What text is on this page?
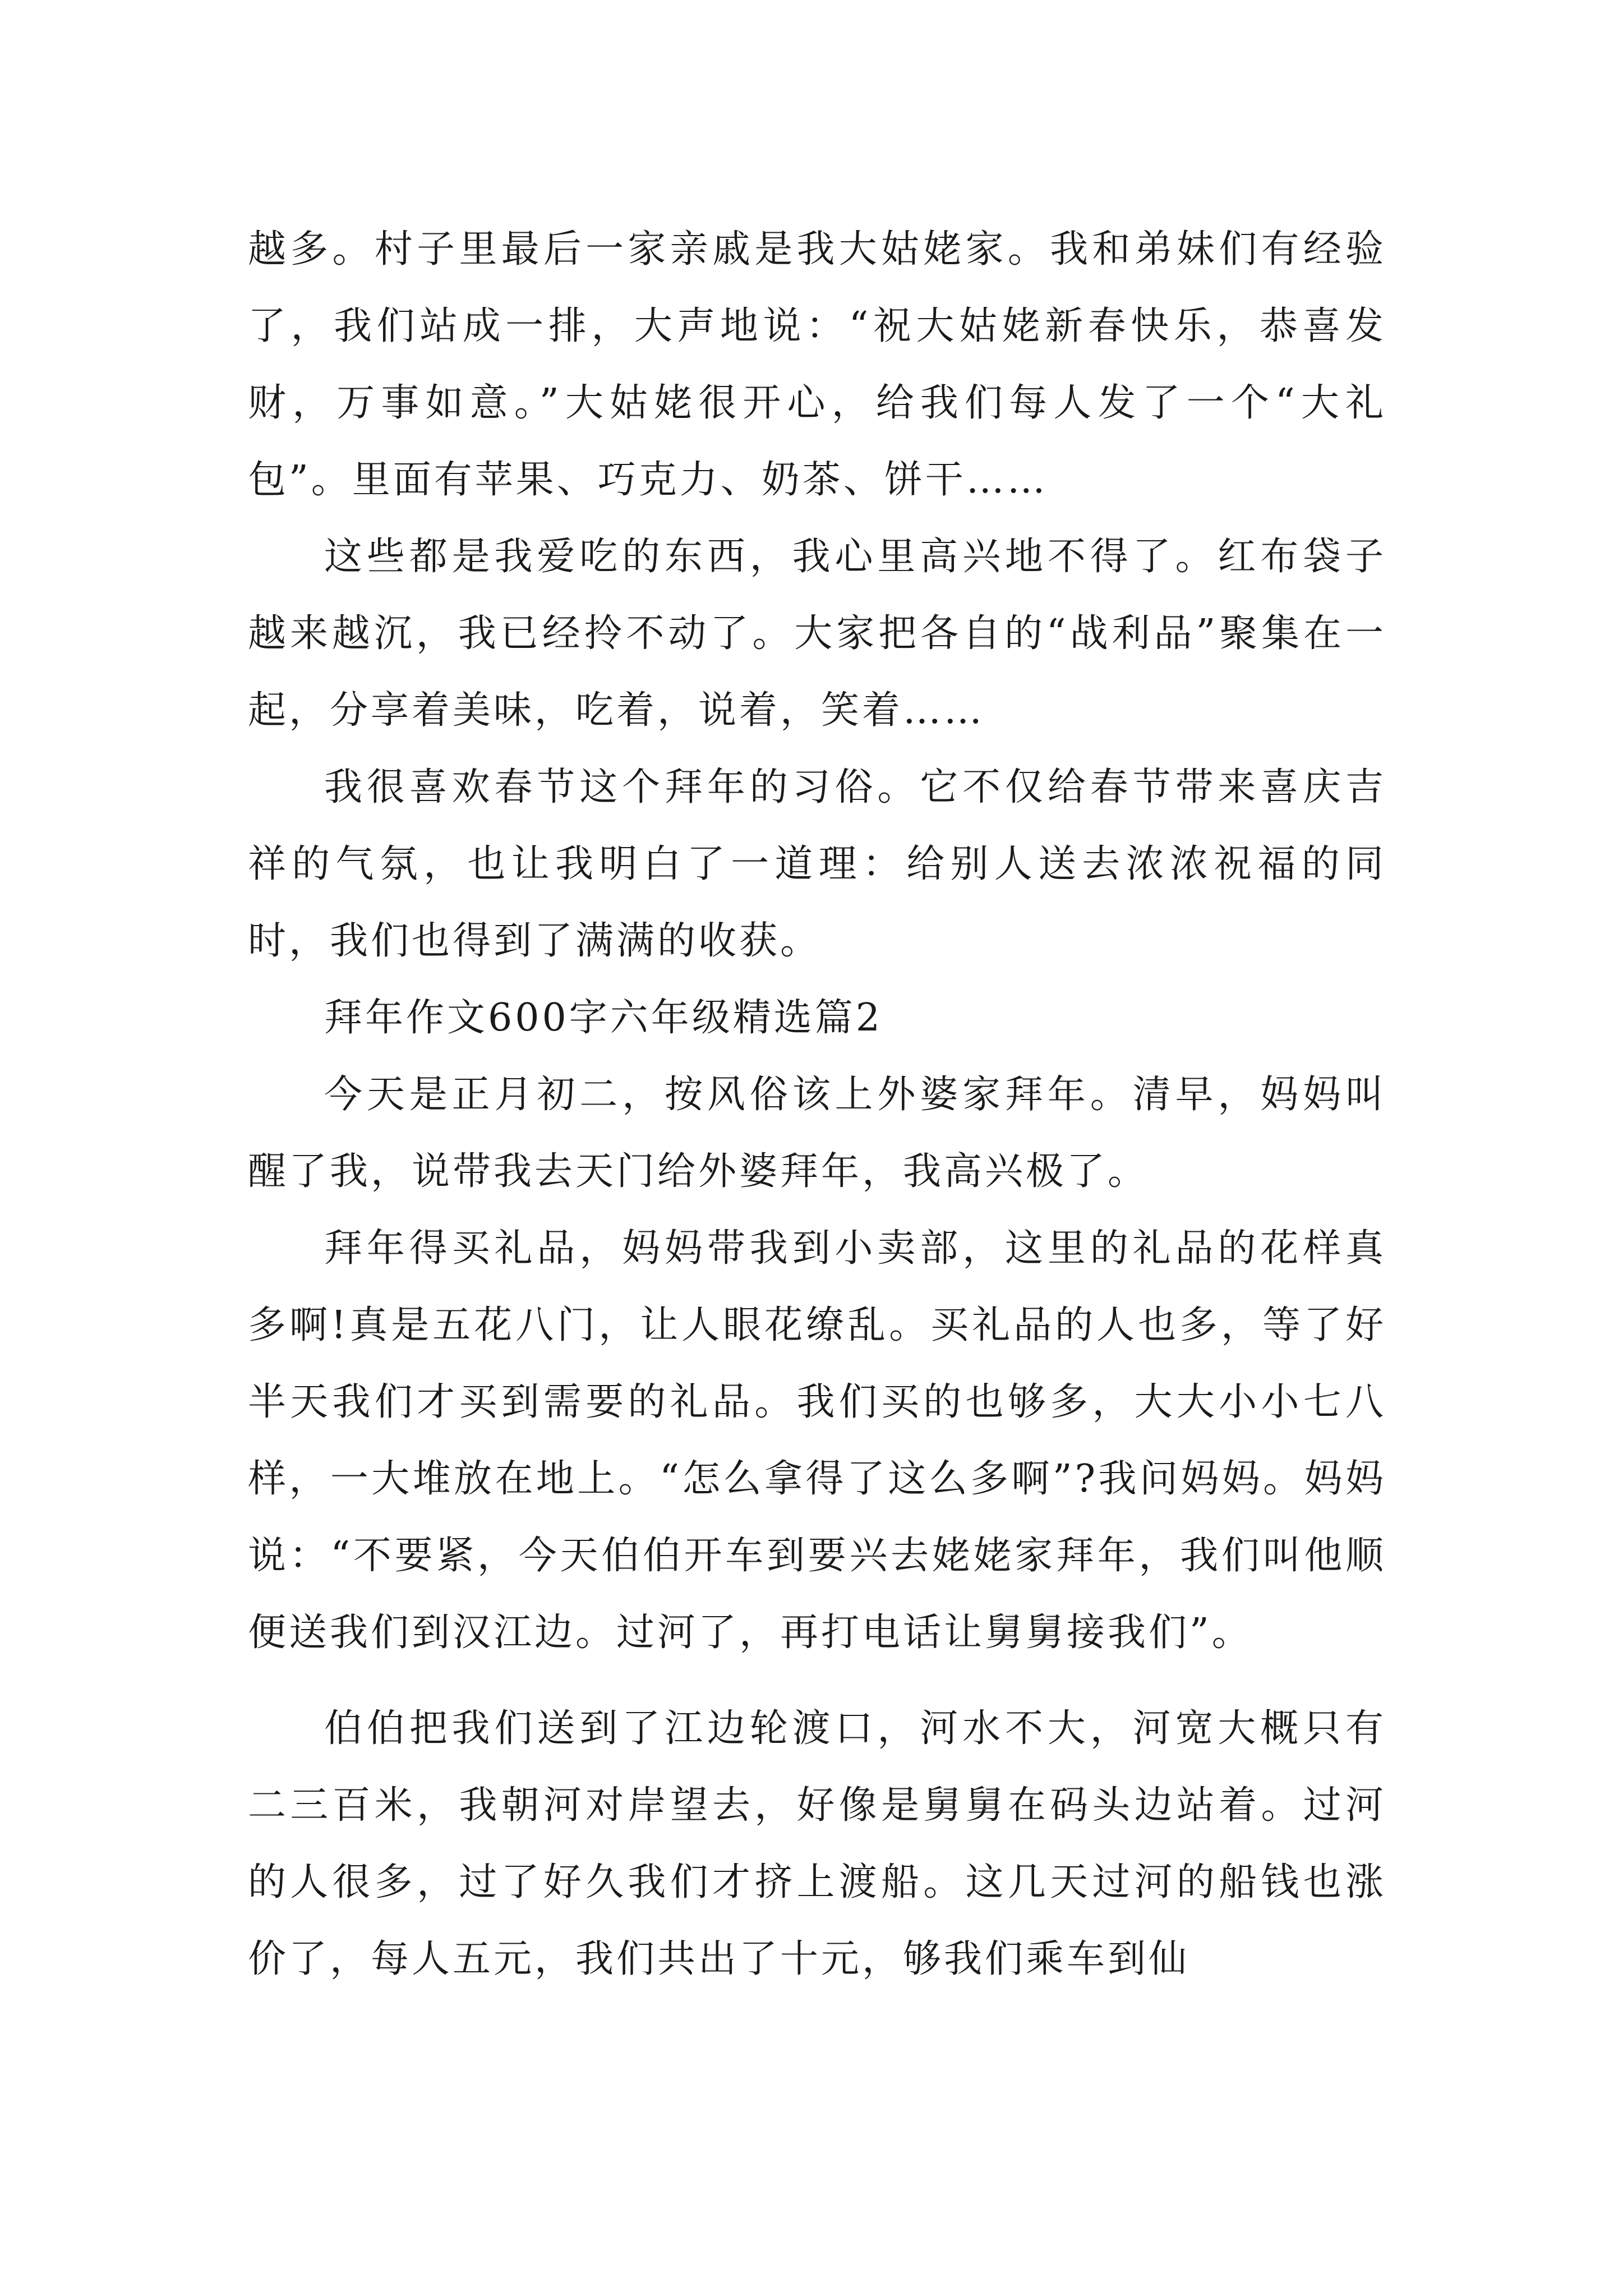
越多。村子里最后一家亲戚是我大姑姥家。我和弟妹们有经验了，我们站成一排，大声地说：“祝大姑姥新春快乐，恭喜发财，万事如意。”大姑姥很开心，给我们每人发了一个“大礼包”。里面有苹果、巧克力、奶茶、饼干……

这些都是我爱吃的东西，我心里高兴地不得了。红布袋子越来越沉，我已经拎不动了。大家把各自的“战利品”聚集在一起，分享着美味，吃着，说着，笑着……

我很喜欢春节这个拜年的习俗。它不仅给春节带来喜庆吉祥的气氛，也让我明白了一道理：给别人送去浓浓祝福的同时，我们也得到了满满的收获。

拜年作文600字六年级精选篇2

今天是正月初二，按风俗该上外婆家拜年。清早，妈妈叫醒了我，说带我去天门给外婆拜年，我高兴极了。

拜年得买礼品，妈妈带我到小卖部，这里的礼品的花样真多啊!真是五花八门，让人眼花缭乱。买礼品的人也多，等了好半天我们才买到需要的礼品。我们买的也够多，大大小小七八样，一大堆放在地上。“怎么拿得了这么多啊”?我问妈妈。妈妈说：“不要紧，今天伯伯开车到要兴去姥姥家拜年，我们叫他顺便送我们到汉江边。过河了，再打电话让舅舅接我们”。

伯伯把我们送到了江边轮渡口，河水不大，河宽大概只有二三百米，我朝河对岸望去，好像是舅舅在码头边站着。过河的人很多，过了好久我们才挤上渡船。这几天过河的船钱也涨价了，每人五元，我们共出了十元，够我们乘车到仙
